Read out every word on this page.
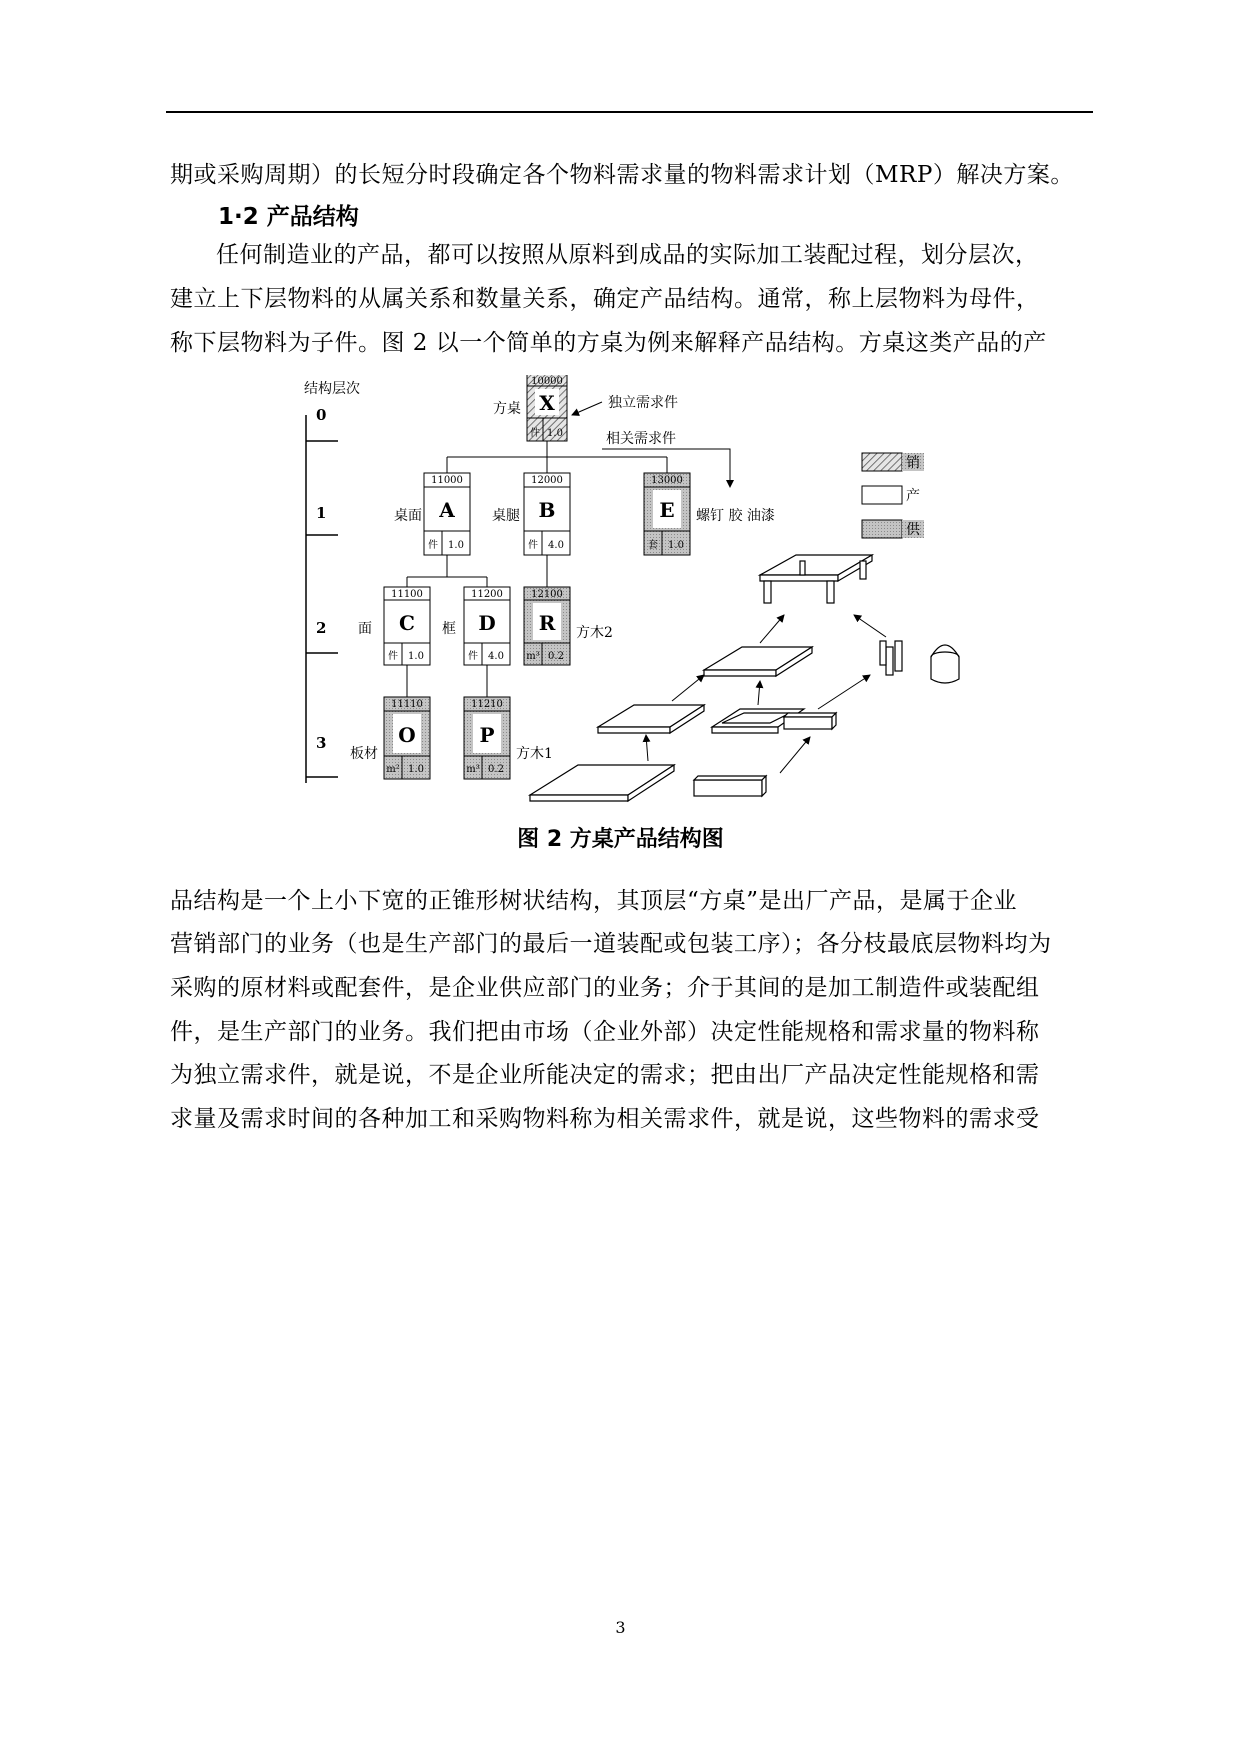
期或采购周期）的长短分时段确定各个物料需求量的物料需求计划（MRP）解决方案。
1·2 产品结构
任何制造业的产品，都可以按照从原料到成品的实际加工装配过程，划分层次，
建立上下层物料的从属关系和数量关系，确定产品结构。通常，称上层物料为母件，
称下层物料为子件。图 2 以一个简单的方桌为例来解释产品结构。方桌这类产品的产
结构层次
0
1
2
3
10000
X
件 1.0
方桌	独立需求件
相关需求件
11000
A
件 1.0
桌面
12000
B
件 4.0
桌腿
13000
E
套 1.0
螺钉 胶 油漆
11100
C
件 1.0
面
11200
D
件 4.0
框
12100
R
m³ 0.2
方木2
11110
O
m² 1.0
板材
11210
P
m³ 0.2
方木1
销
产
供
图 2 方桌产品结构图
品结构是一个上小下宽的正锥形树状结构，其顶层“方桌”是出厂产品，是属于企业
营销部门的业务（也是生产部门的最后一道装配或包装工序）；各分枝最底层物料均为
采购的原材料或配套件，是企业供应部门的业务；介于其间的是加工制造件或装配组
件，是生产部门的业务。我们把由市场（企业外部）决定性能规格和需求量的物料称
为独立需求件，就是说，不是企业所能决定的需求；把由出厂产品决定性能规格和需
求量及需求时间的各种加工和采购物料称为相关需求件，就是说，这些物料的需求受
3
